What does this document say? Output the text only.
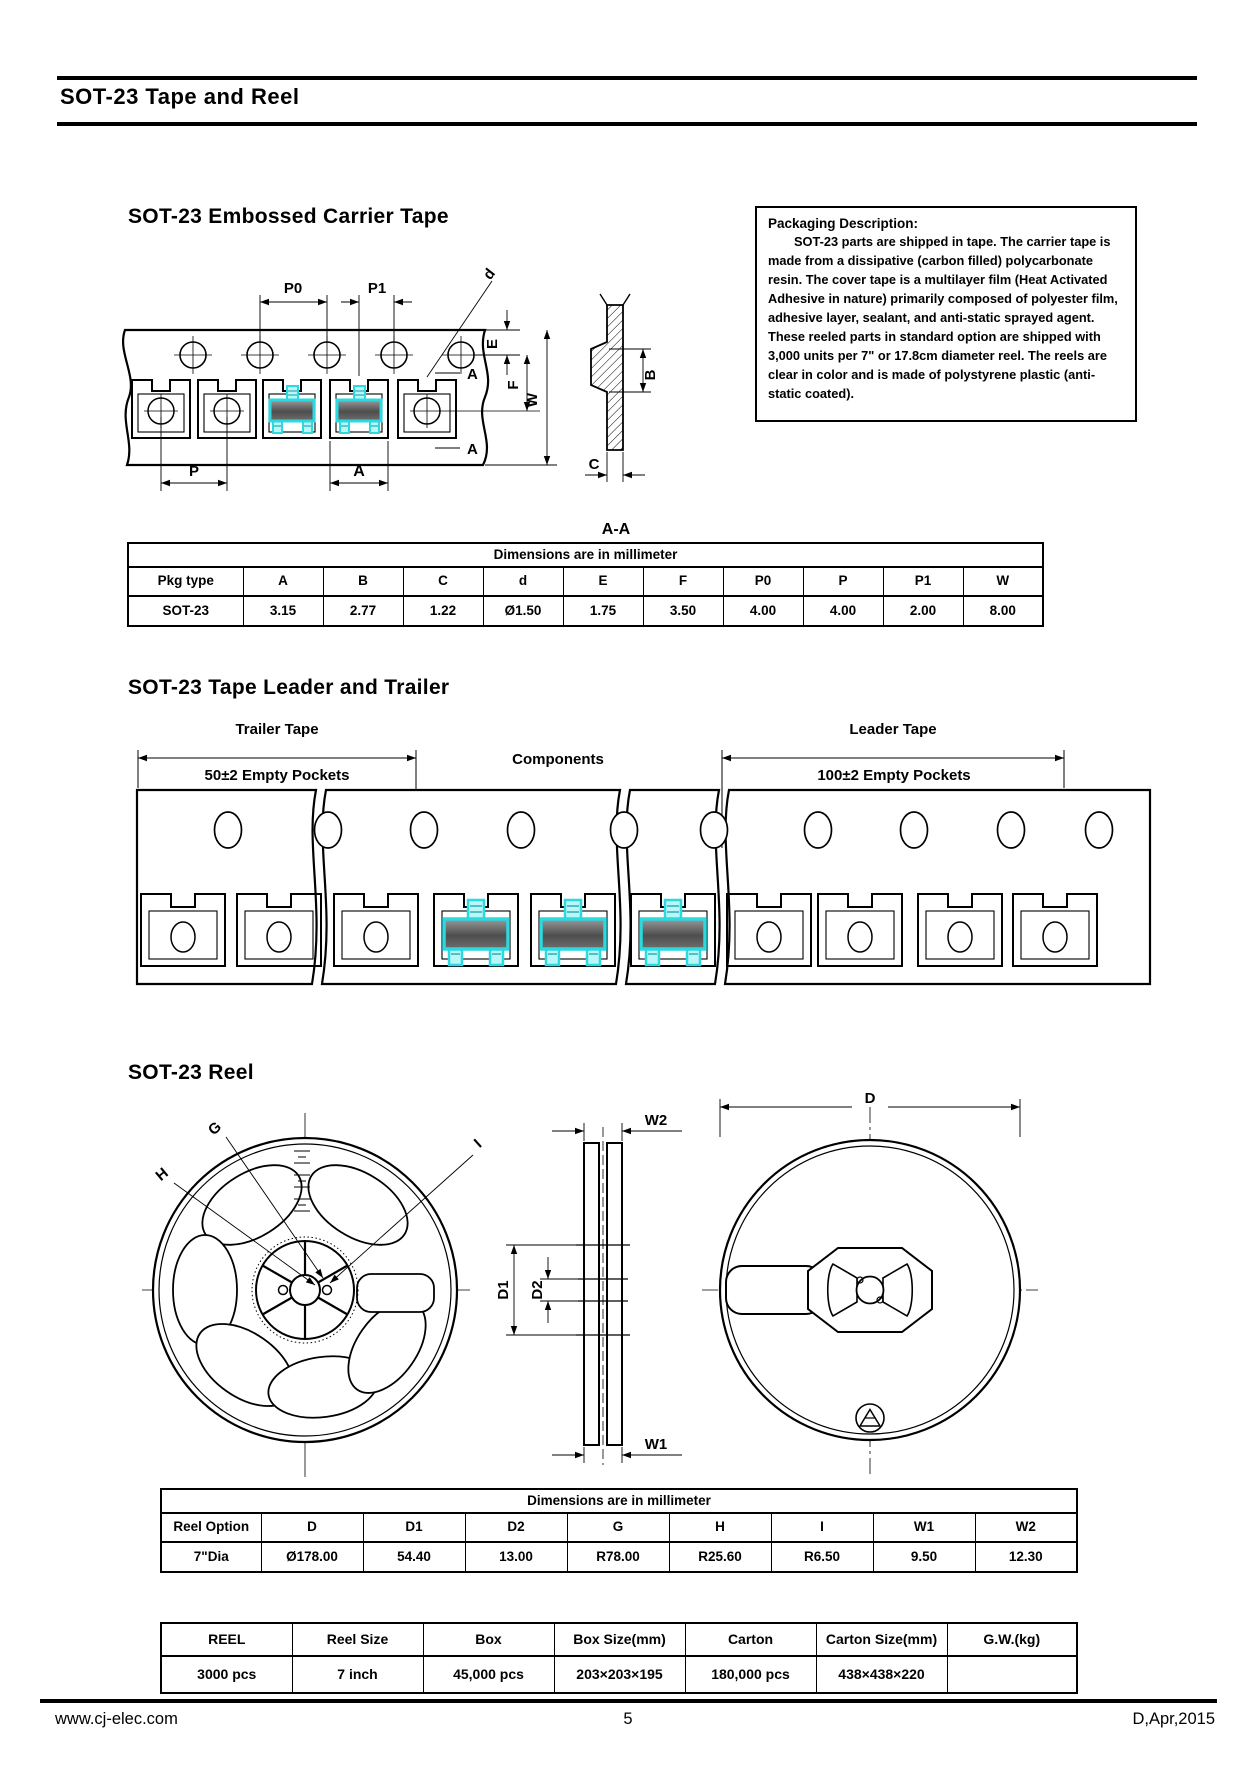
SOT-23 Tape and Reel
SOT-23 Embossed Carrier Tape	Packaging Description:

SOT-23 parts are shipped in tape. The carrier tape is made from a dissipative (carbon filled) polycarbonate resin. The cover tape is a multilayer film (Heat Activated Adhesive in nature) primarily composed of polyester film, adhesive layer, sealant, and anti-static sprayed agent. These reeled parts in standard option are shipped with 3,000 units per 7" or 17.8cm diameter reel. The reels are clear in color and is made of polystyrene plastic (anti-static coated).

P0	P1
d
A
A
E
F
W
P	A
B
C
A-A
Dimensions are in millimeter										
Pkg type	A	B	C	d	E	F	P0	P	P1	W
SOT-23	3.15	2.77	1.22	Ø1.50	1.75	3.50	4.00	4.00	2.00	8.00
SOT-23 Tape Leader and Trailer
Trailer Tape
50±2 Empty Pockets
Components
Leader Tape
100±2 Empty Pockets
SOT-23 Reel
G
H
I
D1 D2
W2
W1
D
Dimensions are in millimeter								
Reel Option	D	D1	D2	G	H	I	W1	W2
7"Dia	Ø178.00	54.40	13.00	R78.00	R25.60	R6.50	9.50	12.30
REEL	Reel Size	Box	Box Size(mm)	Carton	Carton Size(mm)	G.W.(kg)
3000 pcs	7 inch	45,000 pcs	203×203×195	180,000 pcs	438×438×220	
www.cj-elec.com	5	D,Apr,2015
